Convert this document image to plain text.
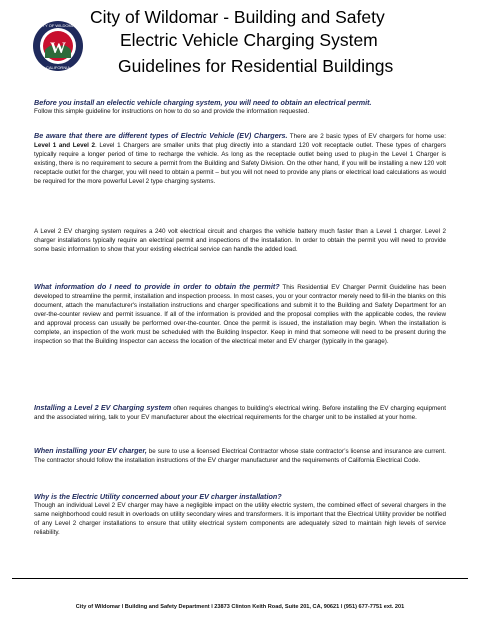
W
CITY OF WILDOMAR
CALIFORNIA
City of Wildomar - Building and Safety
Electric Vehicle Charging System
Guidelines for Residential Buildings
Before you install an elelectic vehicle charging system, you will need to obtain an electrical permit.
Follow this simple guideline for instructions on how to do so and provide the information requested.
Be aware that there are different types of Electric Vehicle (EV) Chargers. There are 2 basic types of EV chargers for home use: Level 1 and Level 2. Level 1 Chargers are smaller units that plug directly into a standard 120 volt receptacle outlet. These types of chargers typically require a longer period of time to recharge the vehicle. As long as the receptacle outlet being used to plug-in the Level 1 Charger is existing, there is no requirement to secure a permit from the Building and Safety Division. On the other hand, if you will be installing a new 120 volt receptacle outlet for the charger, you will need to obtain a permit – but you will not need to provide any plans or electrical load calculations as would be required for the more powerful Level 2 type charging systems.
A Level 2 EV charging system requires a 240 volt electrical circuit and charges the vehicle battery much faster than a Level 1 charger. Level 2 charger installations typically require an electrical permit and inspections of the installation. In order to obtain the permit you will need to provide some basic information to show that your existing electrical service can handle the added load.
What information do I need to provide in order to obtain the permit? This Residential EV Charger Permit Guideline has been developed to streamline the permit, installation and inspection process. In most cases, you or your contractor merely need to fill-in the blanks on this document, attach the manufacturer's installation instructions and charger specifications and submit it to the Building and Safety Department for an over-the-counter review and permit issuance. If all of the information is provided and the proposal complies with the applicable codes, the review and approval process can usually be performed over-the-counter. Once the permit is issued, the installation may begin. When the installation is complete, an inspection of the work must be scheduled with the Building Inspector. Keep in mind that someone will need to be present during the inspection so that the Building Inspector can access the location of the electrical meter and EV charger (typically in the garage).
Installing a Level 2 EV Charging system often requires changes to building’s electrical wiring. Before installing the EV charging equipment and the associated wiring, talk to your EV manufacturer about the electrical requirements for the charger unit to be installed at your home.
When installing your EV charger, be sure to use a licensed Electrical Contractor whose state contractor’s license and insurance are current. The contractor should follow the installation instructions of the EV charger manufacturer and the requirements of California Electrical Code.
Why is the Electric Utility concerned about your EV charger installation?
Though an individual Level 2 EV charger may have a negligible impact on the utility electric system, the combined effect of several chargers in the same neighborhood could result in overloads on utility secondary wires and transformers. It is important that the Electrical Utility provider be notified of any Level 2 charger installations to ensure that utility electrical system components are adequately sized to maintain high levels of service reliability.
City of Wildomar l Building and Safety Department l 23873 Clinton Keith Road, Suite 201, CA, 90621 l (951) 677-7751 ext. 201
